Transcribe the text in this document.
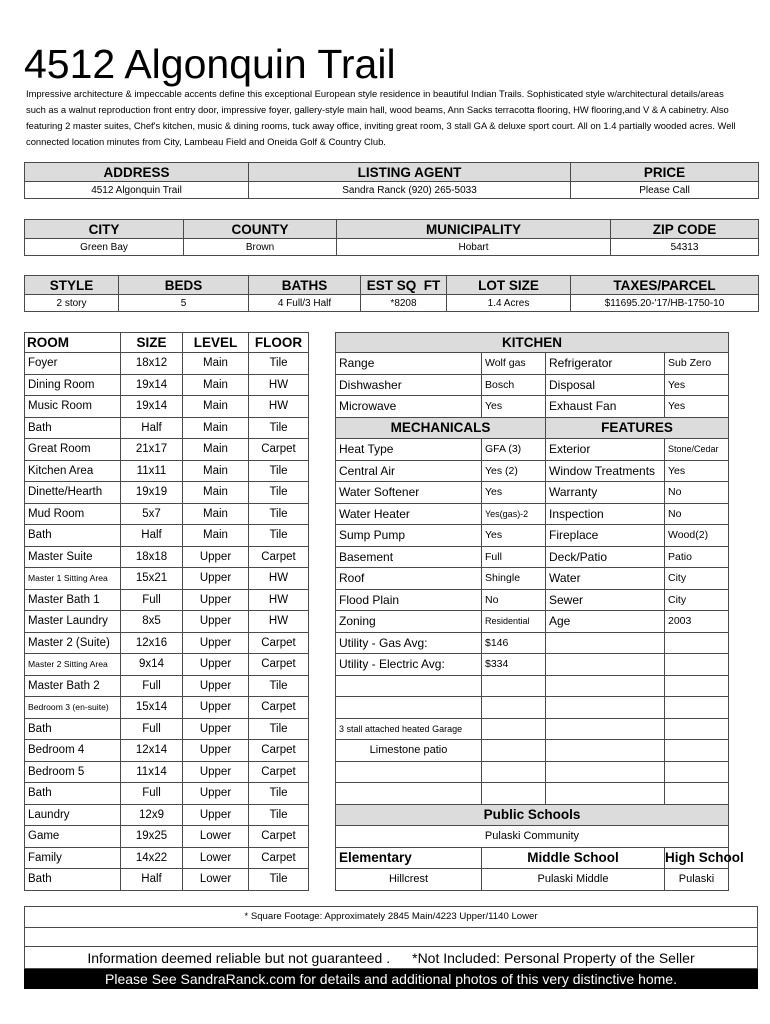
4512 Algonquin Trail
Impressive architecture & impeccable accents define this exceptional European style residence in beautiful Indian Trails. Sophisticated style w/architectural details/areas such as a walnut reproduction front entry door, impressive foyer, gallery-style main hall, wood beams, Ann Sacks terracotta flooring, HW flooring,and V & A cabinetry. Also featuring 2 master suites, Chef's kitchen, music & dining rooms, tuck away office, inviting great room, 3 stall GA & deluxe sport court. All on 1.4 partially wooded acres. Well connected location minutes from City, Lambeau Field and Oneida Golf & Country Club.
ADDRESS	LISTING AGENT	PRICE
4512 Algonquin Trail	Sandra Ranck (920) 265-5033	Please Call
CITY	COUNTY	MUNICIPALITY	ZIP CODE
Green Bay	Brown	Hobart	54313
STYLE	BEDS	BATHS	EST SQ  FT	LOT SIZE	TAXES/PARCEL
2 story	5	4 Full/3 Half	*8208	1.4 Acres	$11695.20-'17/HB-1750-10
ROOM	SIZE	LEVEL	FLOOR
Foyer	18x12	Main	Tile
Dining Room	19x14	Main	HW
Music Room	19x14	Main	HW
Bath	Half	Main	Tile
Great Room	21x17	Main	Carpet
Kitchen Area	11x11	Main	Tile
Dinette/Hearth	19x19	Main	Tile
Mud Room	5x7	Main	Tile
Bath	Half	Main	Tile
Master Suite	18x18	Upper	Carpet
Master 1 Sitting Area	15x21	Upper	HW
Master Bath 1	Full	Upper	HW
Master Laundry	8x5	Upper	HW
Master 2 (Suite)	12x16	Upper	Carpet
Master 2 Sitting Area	9x14	Upper	Carpet
Master Bath 2	Full	Upper	Tile
Bedroom 3 (en-suite)	15x14	Upper	Carpet
Bath	Full	Upper	Tile
Bedroom 4	12x14	Upper	Carpet
Bedroom 5	11x14	Upper	Carpet
Bath	Full	Upper	Tile
Laundry	12x9	Upper	Tile
Game	19x25	Lower	Carpet
Family	14x22	Lower	Carpet
Bath	Half	Lower	Tile
KITCHEN			
Range	Wolf gas	Refrigerator	Sub Zero
Dishwasher	Bosch	Disposal	Yes
Microwave	Yes	Exhaust Fan	Yes
MECHANICALS		FEATURES	
Heat Type	GFA (3)	Exterior	Stone/Cedar
Central Air	Yes (2)	Window Treatments	Yes
Water Softener	Yes	Warranty	No
Water Heater	Yes(gas)-2	Inspection	No
Sump Pump	Yes	Fireplace	Wood(2)
Basement	Full	Deck/Patio	Patio
Roof	Shingle	Water	City
Flood Plain	No	Sewer	City
Zoning	Residential	Age	2003
Utility - Gas Avg:	$146		
Utility - Electric Avg:	$334		

3 stall attached heated Garage			
Limestone patio			

Public Schools			
Pulaski Community			
Elementary	Middle School		High School
Hillcrest	Pulaski Middle		Pulaski
* Square Footage: Approximately 2845 Main/4223 Upper/1140 Lower
Information deemed reliable but not guaranteed . *Not Included: Personal Property of the Seller
Please See SandraRanck.com for details and additional photos of this very distinctive home.
